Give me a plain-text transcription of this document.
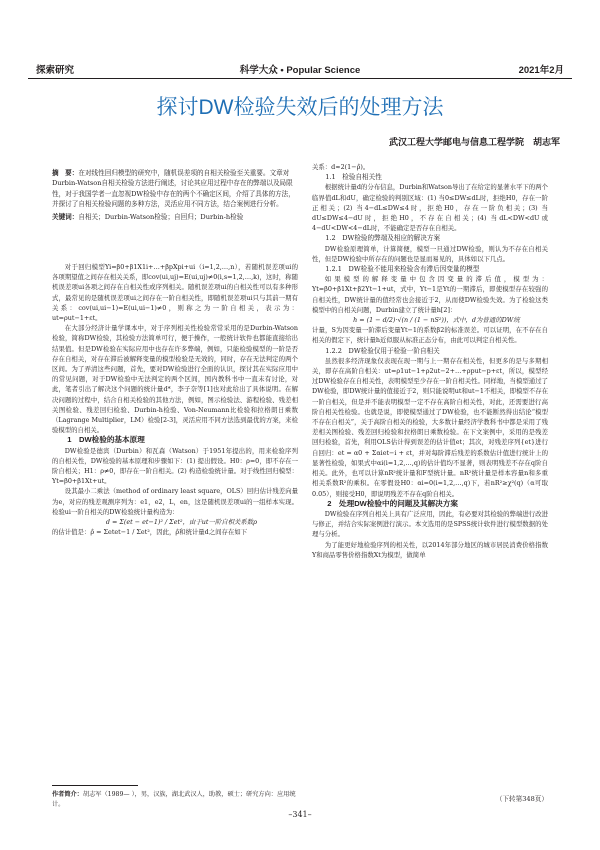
探索研究	科学大众 • Popular Science	2021年2月
探讨DW检验失效后的处理方法
武汉工程大学邮电与信息工程学院　胡志军
摘　要：在对线性回归模型的研究中，随机误差项的自相关检验至关重要。文章对Durbin-Watson自相关检验方法进行阐述，讨论其应用过程中存在的弊端以及局限性，对于我国学者一直忽视DW检验中存在的两个不确定区间，介绍了具体的方法，并探讨了自相关检验问题的多种方法，灵活应用不同方法，结合案例进行分析。
关键词：自相关；Durbin-Watson检验；自回归；Durbin-h检验

对于回归模型Yi=β0+β1X1i+…+βpXpi+ui（i=1,2,…,n），若随机误差项ui的各项期望值之间存在相关关系，即cov(ui,uj)=E(ui,uj)≠0(i,s=1,2,…,k)，这时，称随机误差项ui各项之间存在自相关性或序列相关。随机误差项ui的自相关性可以有多种形式，最常见的是随机误差项ui之间存在一阶自相关性，即随机误差项ui只与其前一期有关系：cov(ui,ui−1)=E(ui,ui−1)≠0，则称之为一阶自相关，表示为：ut=ρut−1+εt。

在大部分经济计量学课本中，对于序列相关性检验常常采用的是Durbin-Watson检验，简称DW检验，其检验方法简单可行，便于操作，一般统计软件也都能直接给出结果值。但是DW检验在实际应用中也存在许多弊端，例如，只能检验模型的一阶是否存在自相关，对存在滞后被解释变量的模型检验是无效的，同时，存在无法判定的两个区间。为了弄清这些问题，首先，要对DW检验进行全面的认识，探讨其在实际应用中的常见问题，对于DW检验中无法判定的两个区间，国内教科书中一直未有讨论，对此，笔者引出了解决这个问题的统计量d*，李子奈等[1]也对此给出了具体说明。在解决问题的过程中，结合自相关检验的其他方法，例如，图示检验法、游程检验、残差相关图检验、残差回归检验、Durbin-h检验、Von-Neumann比检验和拉格朗日乘数（Lagrange Multiplier，LM）检验[2-3]，灵活应用不同方法选到最优的方案，来检验模型的自相关。

1　DW检验的基本原理

DW检验是德宾（Durbin）和瓦森（Watson）于1951年提出的，用来检验序列的自相关性，DW检验的基本原理和步骤如下：(1) 提出假设。H0：ρ=0，即不存在一阶自相关；H1：ρ≠0，即存在一阶自相关。(2) 构造检验统计量。对于线性回归模型：Yt=β0+β1Xt+ut。

设其最小二乘法（method of ordinary least square，OLS）回归估计残差向量为e，对应的残差观测序列为：e1，e2，L，en，这是随机误差项ui的一组样本实现。检验ui一阶自相关的DW检验统计量构造为：

d = Σ(et − et−1)² / Σet²，由于ut一阶自相关系数ρ

的估计值是：ρ̂ = Σetet−1 / Σet²，因此，ρ̂和统计量d之间存在如下

关系：d≈2(1−ρ̂)。

1.1　检验自相关性

根据统计量d的分布信息，Durbin和Watson导出了在给定的显著水平下的两个临界值dL和dU，确定检验的判别区域：(1) 当0≤DW≤dL时，拒绝H0，存在一阶正相关；(2) 当4−dL≤DW≤4时，拒绝H0，存在一阶负相关；(3) 当dU≤DW≤4−dU时，拒绝H0，不存在自相关；(4) 当dL<DW<dU或4−dU<DW<4−dL时，不能确定是否存在自相关。

1.2　DW检验的弊端及相应的解决方案

DW检验原理简单，计算简便，模型一旦通过DW检验，则认为不存在自相关性，但是DW检验中所存在的问题也是显而易见的，具体如以下几点。

1.2.1　DW检验不能用来检验含有滞后因变量的模型

如果模型的解释变量中包含因变量的滞后值，模型为：Yt=β0+β1Xt+β2Yt−1+ut，式中，Yt−1是Yt的一期滞后，即使模型存在较强的自相关性，DW统计量的值经常也会接近于2，从而使DW检验失效。为了检验这类模型中的自相关问题，Durbin建立了统计量h[2]：

h = (1 − d/2)·√(n / (1 − nS²))，式中，d为普通的DW统

计量，S为因变量一阶滞后变量Yt−1的系数β2的标准误差。可以证明，在不存在自相关的假定下，统计量h近似服从标准正态分布，由此可以判定自相关性。

1.2.2　DW检验仅用于检验一阶自相关

虽然很多经济现象仅表现在现一期与上一期存在相关性，但更多的是与多期相关，即存在高阶自相关：ut=ρ1ut−1+ρ2ut−2+…+ρput−p+εt，所以，模型经过DW检验存在自相关性，表明模型至少存在一阶自相关性。同样地，当模型通过了DW检验，即DW统计量的值接近于2，则只能说明ut和ut−1不相关，即模型不存在一阶自相关，但是并不能表明模型一定不存在高阶自相关性，对此，还需要进行高阶自相关性检验。也就是说，即使模型通过了DW检验，也不能断然得出结论“模型不存在自相关”，关于高阶自相关的检验，大多数计量经济学教科书中都是采用了残差相关图检验、残差回归检验和拉格朗日乘数检验。在下文案例中，采用的是残差回归检验，首先，利用OLS估计得到误差的估计值et；其次，对残差序列{et}进行自回归：et = α0 + Σαiet−i + εt，并对每阶滞后残差的系数估计值进行统计上的显著性检验，如果式中αi(i=1,2,…,q)的估计值均不显著，则表明残差不存在q阶自相关。此外，也可以计算nR²统计量和F型统计量。nR²统计量是样本容量n和多重相关系数R²的乘积。在零假设H0：αi=0(i=1,2,…,q)下，若nR²≥χ²(q)（α可取0.05），则接受H0，即说明残差不存在q阶自相关。

2　处理DW检验中的问题及其解决方案

DW检验在序列自相关上具有广泛应用，因此，有必要对其检验的弊端进行改进与修正，并结合实际案例进行演示。本文选用的是SPSS统计软件进行模型数据的处理与分析。

为了能更好地检验序列的相关性，以2014年部分地区的城市居民消费价格指数Y和商品零售价格指数Xt为模型，做简单

作者简介：胡志军（1989— ），男，汉族，湖北武汉人，助教，硕士；研究方向：应用统计。
（下转第348页）
–341–
